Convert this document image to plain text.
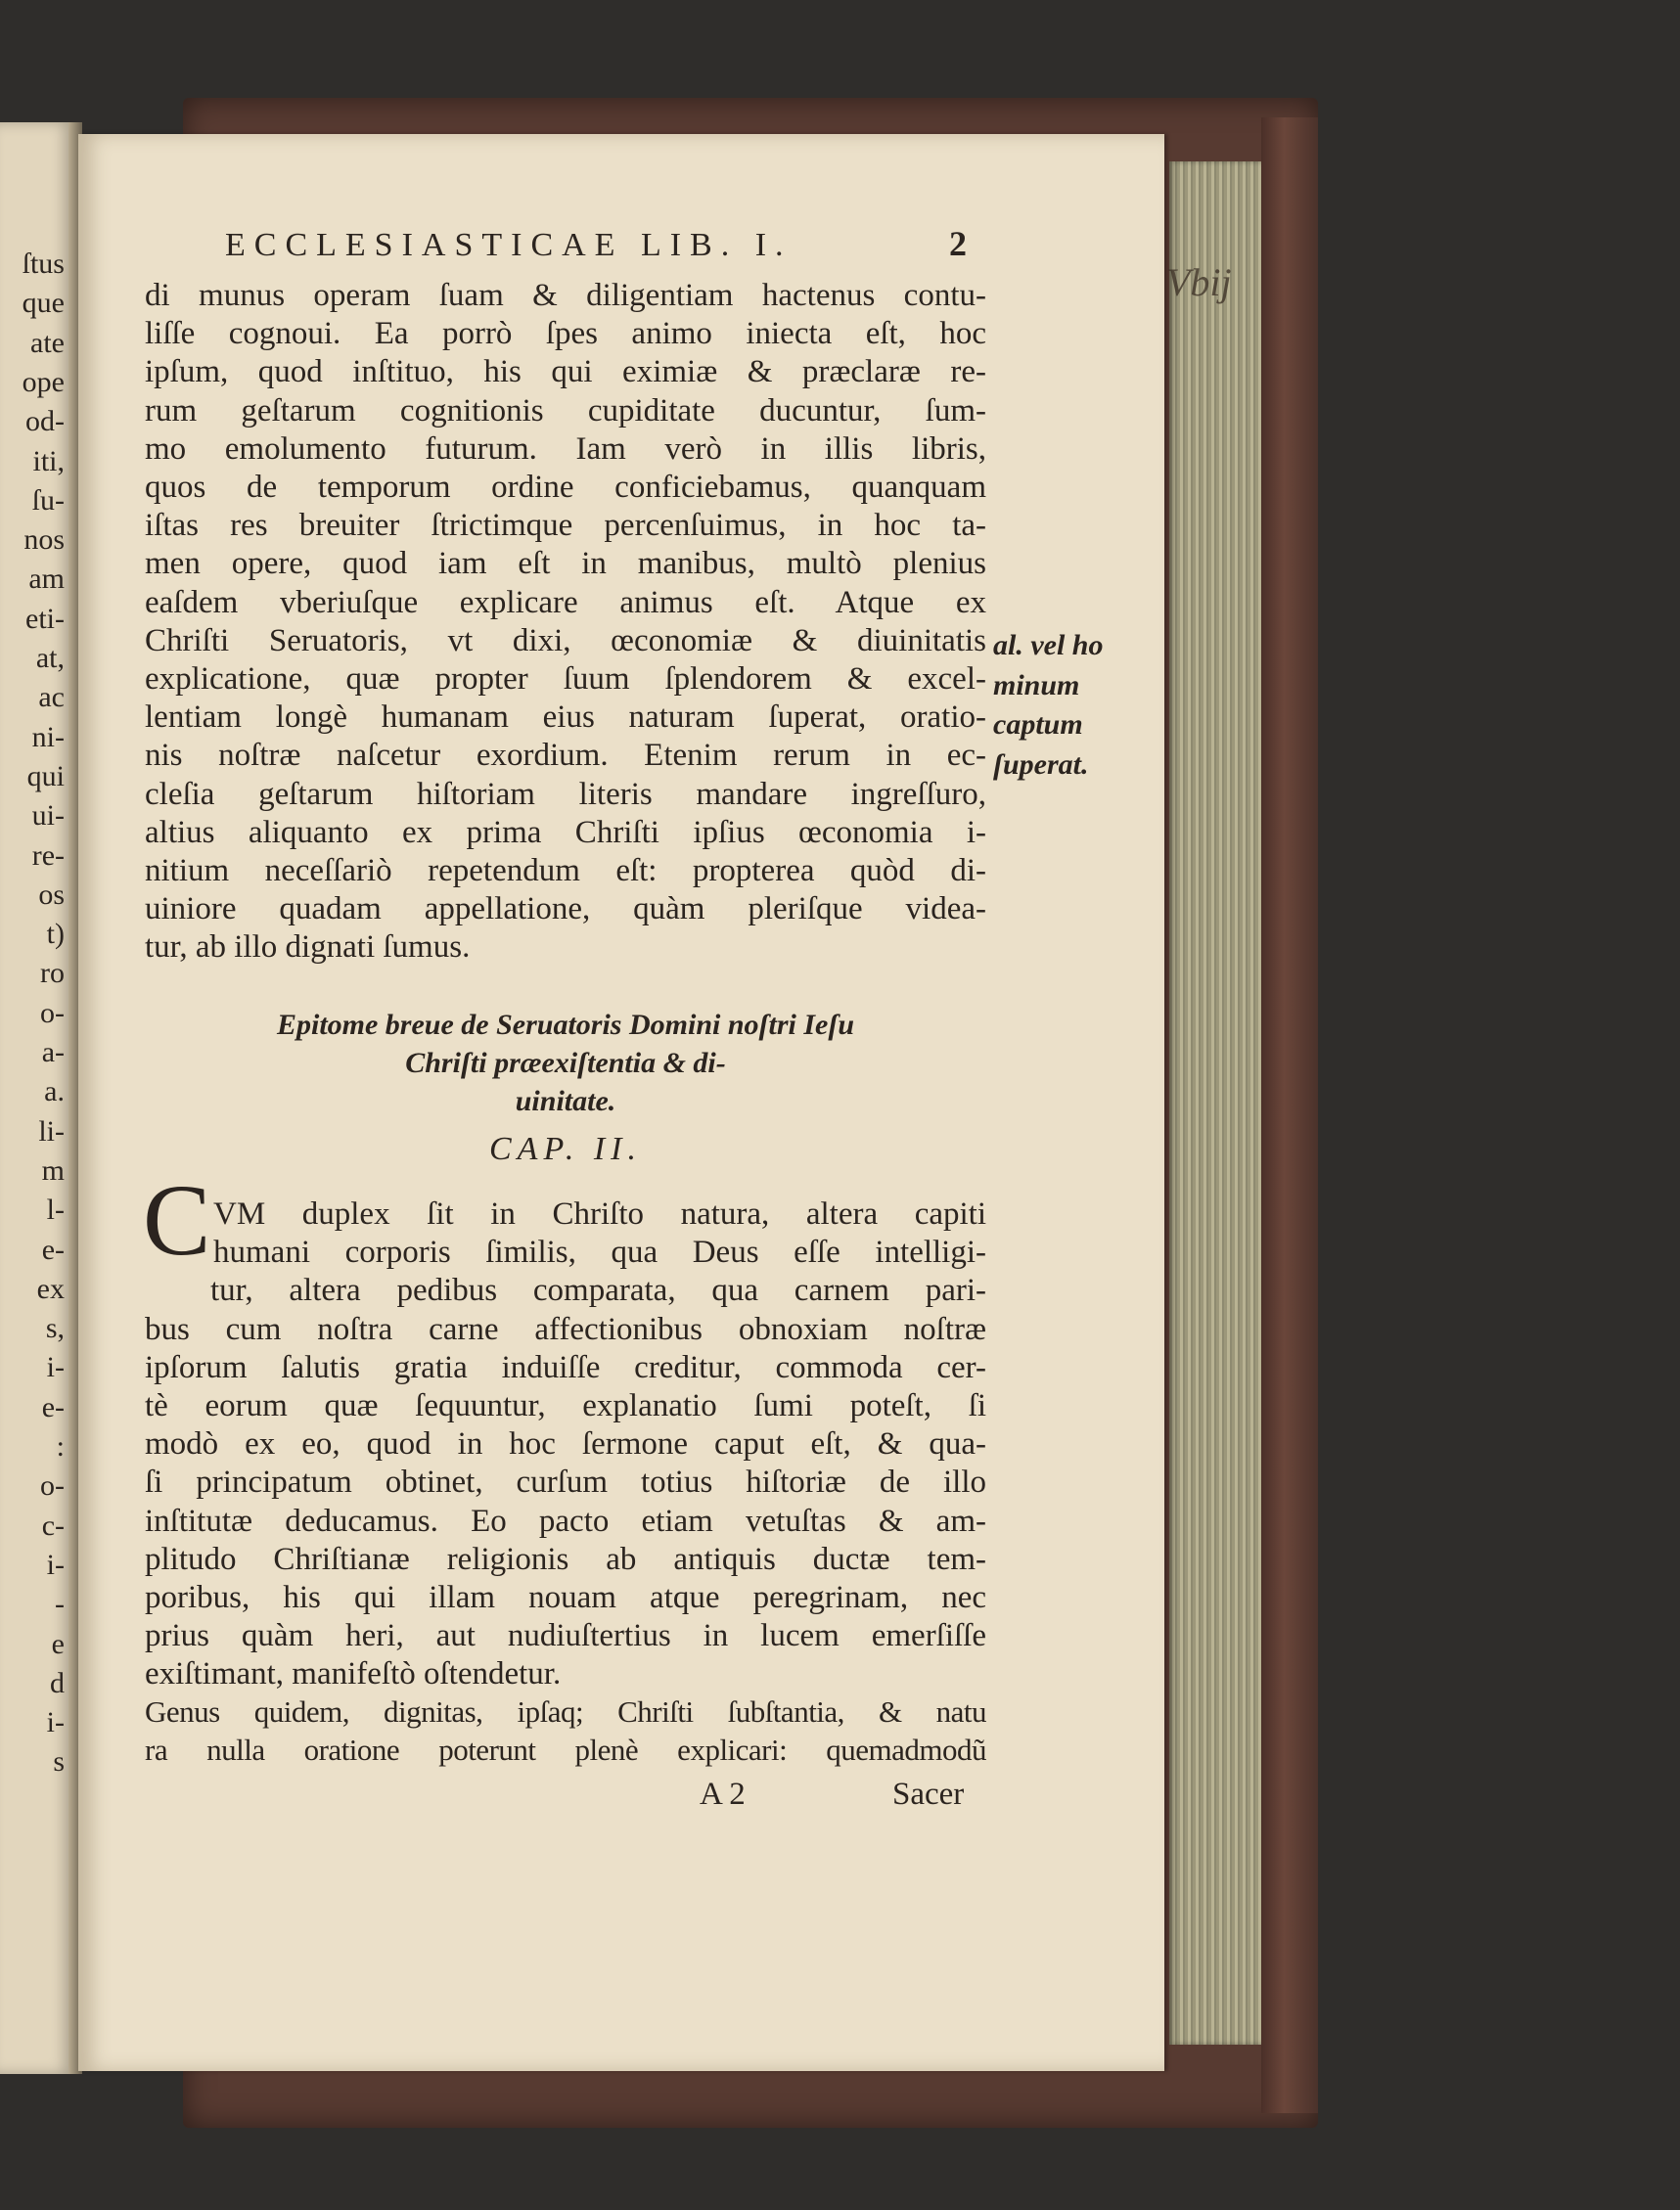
Vbij
ECCLESIASTICAE LIB. I.	2
C
CAP. II.
A 2	Sacer
ſtus
que
ate
ope
od-
iti,
ſu-
nos
am
eti-
at,
ac
ni-
qui
ui-
re-
os
t)
ro
o-
a-
a.
li-
m
l-
e-
ex
s,
i-
e-
:
o-
c-
i-
-
e
d
i-
s
di munus operam ſuam & diligentiam hactenus contu-
liſſe cognoui. Ea porrò ſpes animo iniecta eſt, hoc
ipſum, quod inſtituo, his qui eximiæ & præclaræ re-
rum geſtarum cognitionis cupiditate ducuntur, ſum-
mo emolumento futurum. Iam verò in illis libris,
quos de temporum ordine conficiebamus, quanquam
iſtas res breuiter ſtrictimque percenſuimus, in hoc ta-
men opere, quod iam eſt in manibus, multò plenius
eaſdem vberiuſque explicare animus eſt. Atque ex
Chriſti Seruatoris, vt dixi, œconomiæ & diuinitatis
explicatione, quæ propter ſuum ſplendorem & excel-
lentiam longè humanam eius naturam ſuperat, oratio-
nis noſtræ naſcetur exordium. Etenim rerum in ec-
cleſia geſtarum hiſtoriam literis mandare ingreſſuro,
altius aliquanto ex prima Chriſti ipſius œconomia i-
nitium neceſſariò repetendum eſt: propterea quòd di-
uiniore quadam appellatione, quàm pleriſque videa-
tur, ab illo dignati ſumus.
al. vel ho
minum
captum
ſuperat.
Epitome breue de Seruatoris Domini noſtri Ieſu
Chriſti præexiſtentia & di-
uinitate.
VM duplex ſit in Chriſto natura, altera capiti
humani corporis ſimilis, qua Deus eſſe intelligi-
tur, altera pedibus comparata, qua carnem pari-
bus cum noſtra carne affectionibus obnoxiam noſtræ
ipſorum ſalutis gratia induiſſe creditur, commoda cer-
tè eorum quæ ſequuntur, explanatio ſumi poteſt, ſi
modò ex eo, quod in hoc ſermone caput eſt, & qua-
ſi principatum obtinet, curſum totius hiſtoriæ de illo
inſtitutæ deducamus. Eo pacto etiam vetuſtas & am-
plitudo Chriſtianæ religionis ab antiquis ductæ tem-
poribus, his qui illam nouam atque peregrinam, nec
prius quàm heri, aut nudiuſtertius in lucem emerſiſſe
exiſtimant, manifeſtò oſtendetur.
Genus quidem, dignitas, ipſaq; Chriſti ſubſtantia, & natu
ra nulla oratione poterunt plenè explicari: quemadmodũ
